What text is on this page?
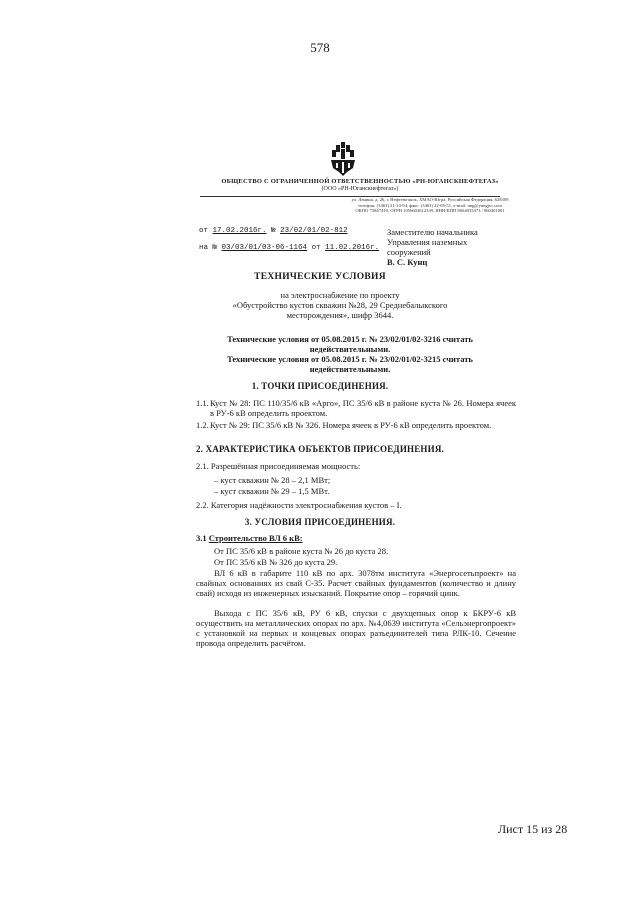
578
ОБЩЕСТВО С ОГРАНИЧЕННОЙ ОТВЕТСТВЕННОСТЬЮ «РН-ЮГАНСКНЕФТЕГАЗ»
(ООО «РН-Юганскнефтегаз»)
ул. Ленина, д. 26, г. Нефтеюганск, ХМАО-Югра, Российская Федерация, 628309
телефон: (3463) 21-14-94, факс: (3463) 22-69-51, e-mail: ung@yungjsc.com
ОКПО 75847410, ОГРН 1056602612339, ИНН/КПП 8604035473 / 860401001
от 17.02.2016г. № 23/02/01/02-812
на № 03/03/01/03-06-1164 от 11.02.2016г.
Заместителю начальника
Управления наземных
сооружений
В. С. Кунц
ТЕХНИЧЕСКИЕ УСЛОВИЯ
на электроснабжение по проекту
«Обустройство кустов скважин №28, 29 Среднебалыкского
месторождения», шифр 3644.
Технические условия от 05.08.2015 г. № 23/02/01/02-3216 считать
недействительными.
Технические условия от 05.08.2015 г. № 23/02/01/02-3215 считать
недействительными.
1. ТОЧКИ ПРИСОЕДИНЕНИЯ.
1.1. Куст № 28: ПС 110/35/6 кВ «Арго», ПС 35/6 кВ в районе куста № 26. Номера ячеек в РУ-6 кВ определить проектом.
1.2. Куст № 29: ПС 35/6 кВ № 326. Номера ячеек в РУ-6 кВ определить проектом.
2. ХАРАКТЕРИСТИКА ОБЪЕКТОВ ПРИСОЕДИНЕНИЯ.
2.1. Разрешённая присоединяемая мощность:
– куст скважин № 28 – 2,1 МВт;
– куст скважин № 29 – 1,5 МВт.
2.2. Категория надёжности электроснабжения кустов – I.
3. УСЛОВИЯ ПРИСОЕДИНЕНИЯ.
3.1 Строительство ВЛ 6 кВ:
От ПС 35/6 кВ в районе куста № 26 до куста 28.
От ПС 35/6 кВ № 326 до куста 29.
ВЛ 6 кВ в габарите 110 кВ по арх. 3078тм института «Энергосетьпроект» на свайных основаниях из свай С-35. Расчет свайных фундаментов (количество и длину свай) исходя из инженерных изысканий. Покрытие опор – горячий цинк.
Выхода с ПС 35/6 кВ, РУ 6 кВ, спуски с двухцепных опор к БКРУ-6 кВ осуществить на металлических опорах по арх. №4,0639 института «Сельэнергопроект» с установкой на первых и концевых опорах разъединителей типа РЛК-10. Сечение провода определить расчётом.
Лист 15 из 28
